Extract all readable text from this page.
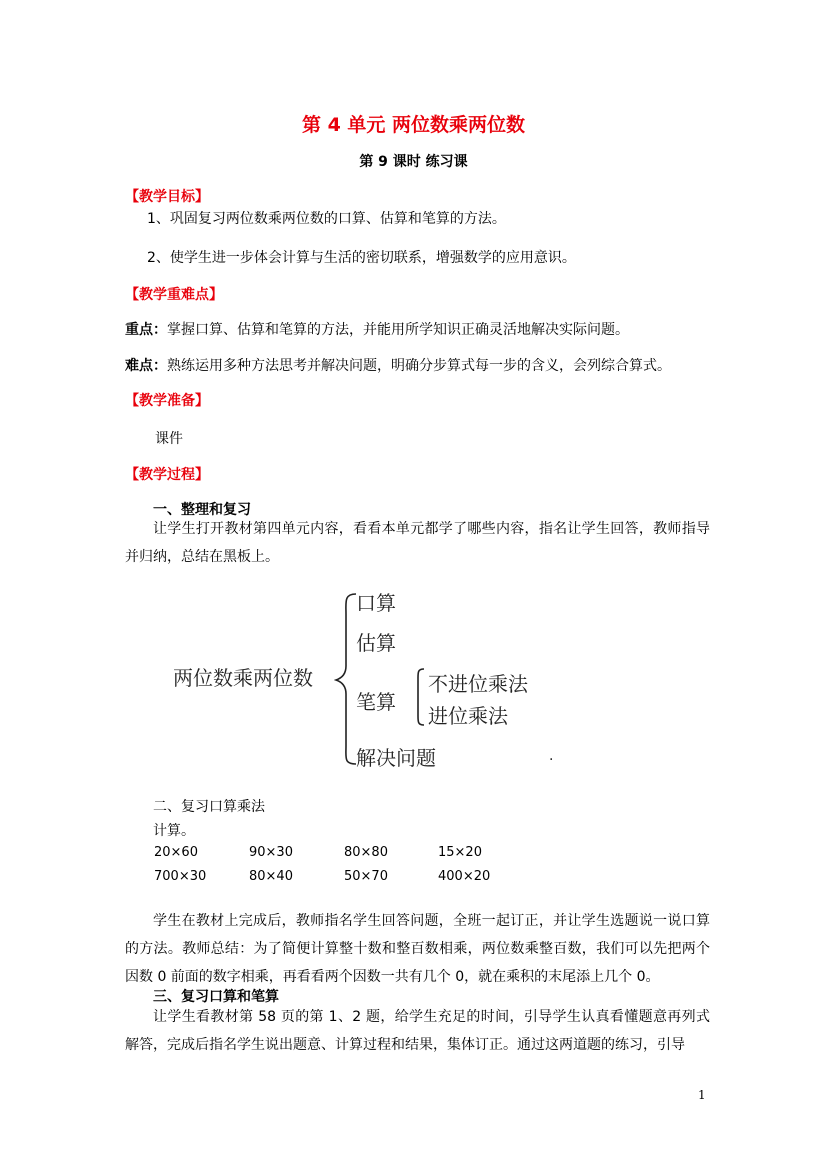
第 4 单元 两位数乘两位数
第 9 课时 练习课
【教学目标】
1、巩固复习两位数乘两位数的口算、估算和笔算的方法。
2、使学生进一步体会计算与生活的密切联系，增强数学的应用意识。
【教学重难点】
重点：掌握口算、估算和笔算的方法，并能用所学知识正确灵活地解决实际问题。
难点：熟练运用多种方法思考并解决问题，明确分步算式每一步的含义，会列综合算式。
【教学准备】
课件
【教学过程】
一、整理和复习
让学生打开教材第四单元内容，看看本单元都学了哪些内容，指名让学生回答，教师指导并归纳，总结在黑板上。
两位数乘两位数
口算
估算
笔算
解决问题
不进位乘法
进位乘法
.
二、复习口算乘法
计算。
20×60	90×30	80×80	15×20
700×30	80×40	50×70	400×20
学生在教材上完成后，教师指名学生回答问题，全班一起订正，并让学生选题说一说口算的方法。教师总结：为了简便计算整十数和整百数相乘，两位数乘整百数，我们可以先把两个因数 0 前面的数字相乘，再看看两个因数一共有几个 0，就在乘积的末尾添上几个 0。
三、复习口算和笔算
让学生看教材第 58 页的第 1、2 题，给学生充足的时间，引导学生认真看懂题意再列式解答，完成后指名学生说出题意、计算过程和结果，集体订正。通过这两道题的练习，引导
1
